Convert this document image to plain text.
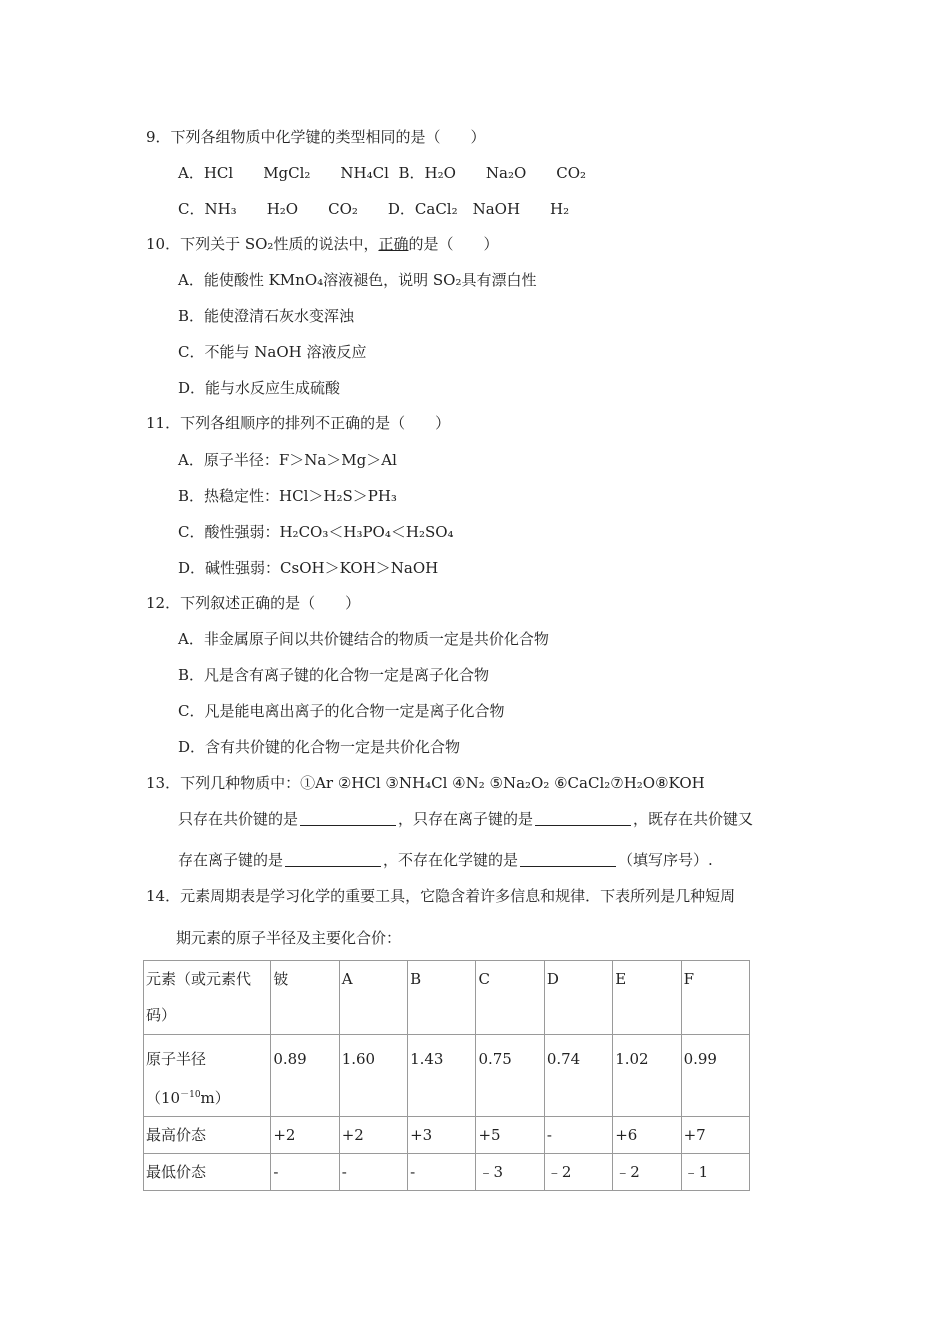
9．下列各组物质中化学键的类型相同的是（　　）
A．HCl　　MgCl₂　　NH₄Cl  B．H₂O　　Na₂O　　CO₂
C．NH₃　　H₂O　　CO₂　　D．CaCl₂　NaOH　　H₂
10．下列关于 SO₂性质的说法中，正确的是（　　）
A．能使酸性 KMnO₄溶液褪色，说明 SO₂具有漂白性
B．能使澄清石灰水变浑浊
C．不能与 NaOH 溶液反应
D．能与水反应生成硫酸
11．下列各组顺序的排列不正确的是（　　）
A．原子半径：F＞Na＞Mg＞Al
B．热稳定性：HCl＞H₂S＞PH₃
C．酸性强弱：H₂CO₃＜H₃PO₄＜H₂SO₄
D．碱性强弱：CsOH＞KOH＞NaOH
12．下列叙述正确的是（　　）
A．非金属原子间以共价键结合的物质一定是共价化合物
B．凡是含有离子键的化合物一定是离子化合物
C．凡是能电离出离子的化合物一定是离子化合物
D．含有共价键的化合物一定是共价化合物
13．下列几种物质中：①Ar ②HCl ③NH₄Cl ④N₂ ⑤Na₂O₂ ⑥CaCl₂⑦H₂O⑧KOH
只存在共价键的是	，只存在离子键的是	，既存在共价键又
存在离子键的是	，不存在化学键的是	（填写序号）.
14．元素周期表是学习化学的重要工具，它隐含着许多信息和规律．下表所列是几种短周
期元素的原子半径及主要化合价：
元素（或元素代码）	铍	A	B	C	D	E	F

原子半径
$(10^{-10}m)$	0.89	1.60	1.43	0.75	0.74	1.02	0.99
最高价态	+2	+2	+3	+5	-	+6	+7
最低价态	-	-	-	﹣3	﹣2	﹣2	﹣1
